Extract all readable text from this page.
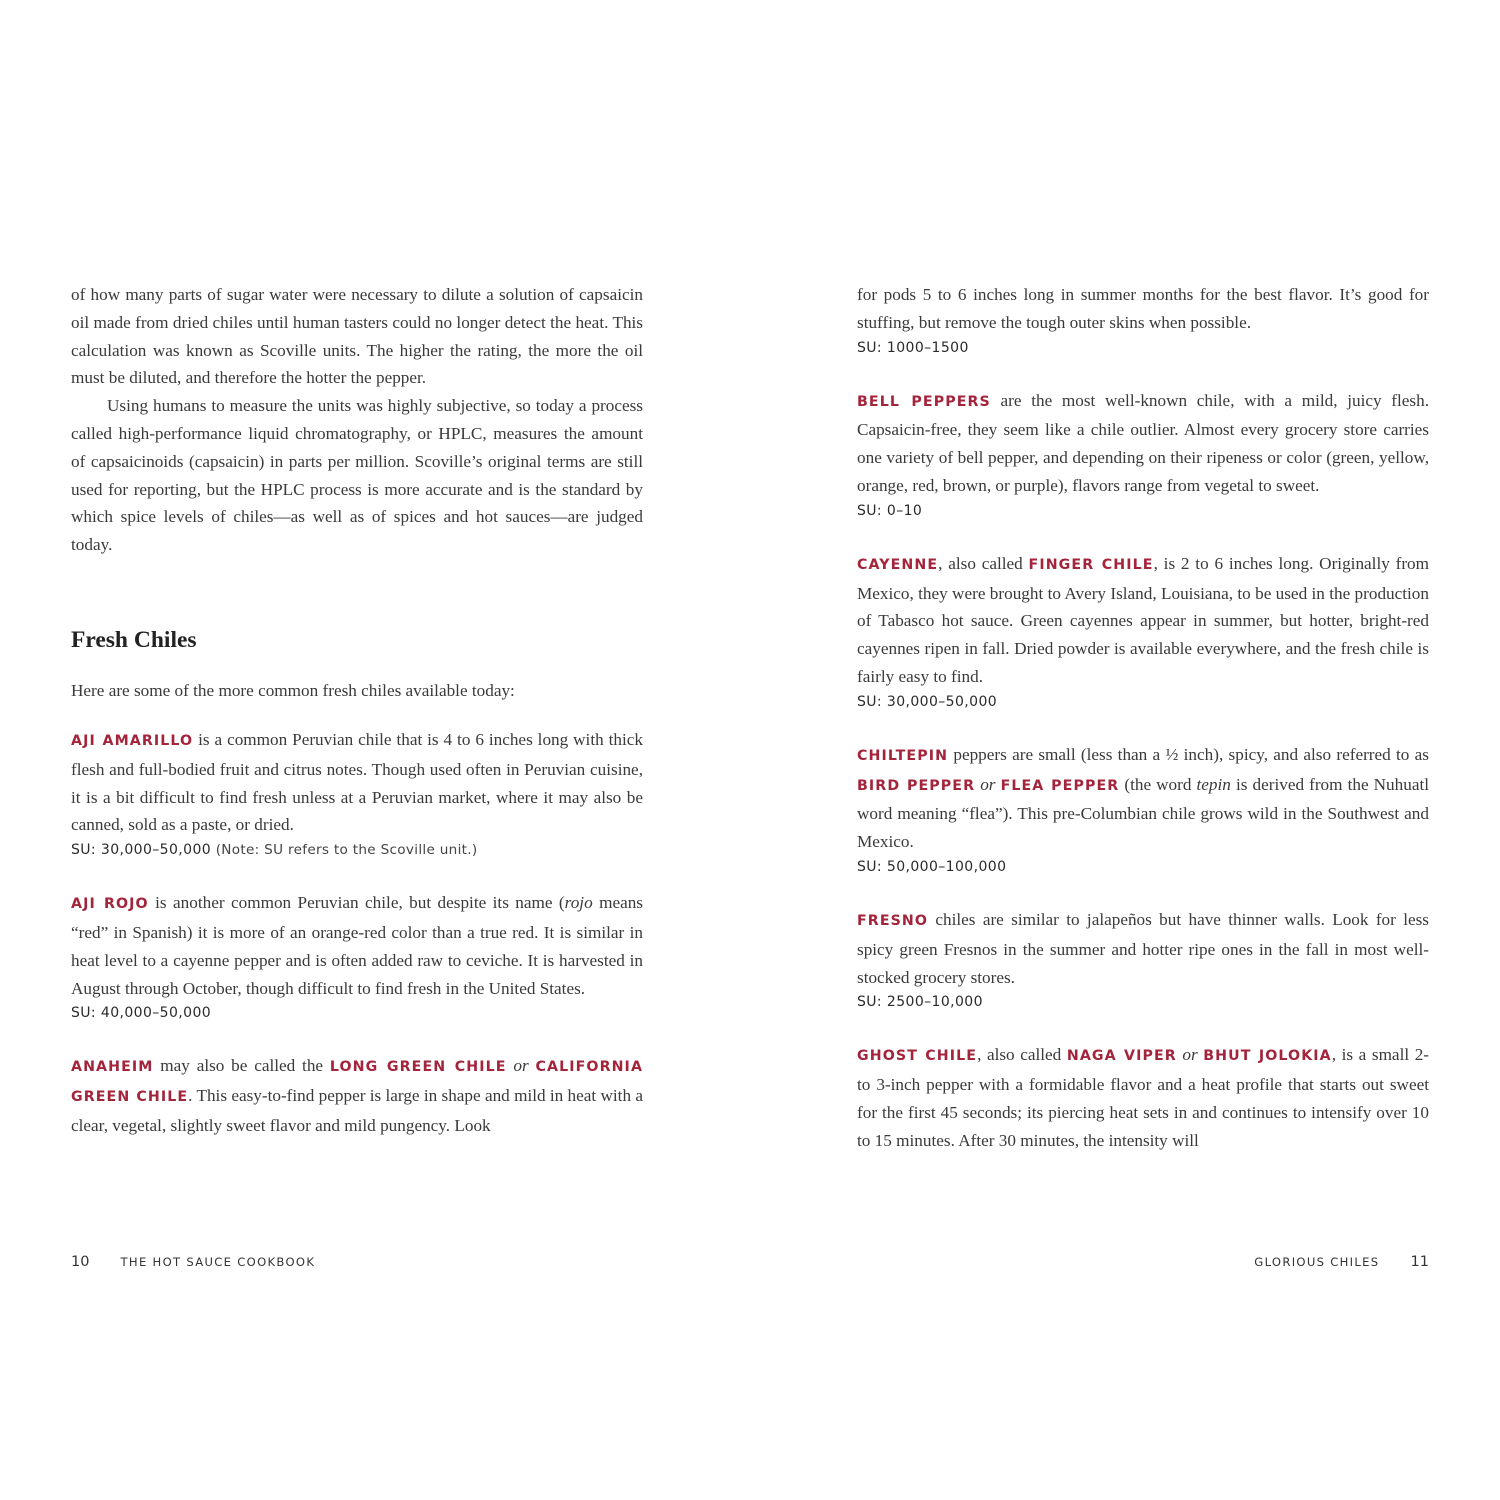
of how many parts of sugar water were necessary to dilute a solution of capsaicin oil made from dried chiles until human tasters could no longer detect the heat. This calculation was known as Scoville units. The higher the rating, the more the oil must be diluted, and therefore the hotter the pepper.

Using humans to measure the units was highly subjective, so today a process called high-performance liquid chromatography, or HPLC, measures the amount of capsaicinoids (capsaicin) in parts per million. Scoville’s original terms are still used for reporting, but the HPLC process is more accurate and is the standard by which spice levels of chiles—as well as of spices and hot sauces—are judged today.

Fresh Chiles

Here are some of the more common fresh chiles available today:

AJI AMARILLO is a common Peruvian chile that is 4 to 6 inches long with thick flesh and full-bodied fruit and citrus notes. Though used often in Peruvian cuisine, it is a bit difficult to find fresh unless at a Peruvian market, where it may also be canned, sold as a paste, or dried.

SU: 30,000–50,000 (Note: SU refers to the Scoville unit.)

AJI ROJO is another common Peruvian chile, but despite its name (rojo means “red” in Spanish) it is more of an orange-red color than a true red. It is similar in heat level to a cayenne pepper and is often added raw to ceviche. It is harvested in August through October, though difficult to find fresh in the United States.

SU: 40,000–50,000

ANAHEIM may also be called the LONG GREEN CHILE or CALIFORNIA GREEN CHILE. This easy-to-find pepper is large in shape and mild in heat with a clear, vegetal, slightly sweet flavor and mild pungency. Look

for pods 5 to 6 inches long in summer months for the best flavor. It’s good for stuffing, but remove the tough outer skins when possible.

SU: 1000–1500

BELL PEPPERS are the most well-known chile, with a mild, juicy flesh. Capsaicin-free, they seem like a chile outlier. Almost every grocery store carries one variety of bell pepper, and depending on their ripeness or color (green, yellow, orange, red, brown, or purple), flavors range from vegetal to sweet.

SU: 0–10

CAYENNE, also called FINGER CHILE, is 2 to 6 inches long. Originally from Mexico, they were brought to Avery Island, Louisiana, to be used in the production of Tabasco hot sauce. Green cayennes appear in summer, but hotter, bright-red cayennes ripen in fall. Dried powder is available everywhere, and the fresh chile is fairly easy to find.

SU: 30,000–50,000

CHILTEPIN peppers are small (less than a ½ inch), spicy, and also referred to as BIRD PEPPER or FLEA PEPPER (the word tepin is derived from the Nuhuatl word meaning “flea”). This pre-Columbian chile grows wild in the Southwest and Mexico.

SU: 50,000–100,000

FRESNO chiles are similar to jalapeños but have thinner walls. Look for less spicy green Fresnos in the summer and hotter ripe ones in the fall in most well-stocked grocery stores.

SU: 2500–10,000

GHOST CHILE, also called NAGA VIPER or BHUT JOLOKIA, is a small 2- to 3-inch pepper with a formidable flavor and a heat profile that starts out sweet for the first 45 seconds; its piercing heat sets in and continues to intensify over 10 to 15 minutes. After 30 minutes, the intensity will

10	THE HOT SAUCE COOKBOOK	GLORIOUS CHILES 11
